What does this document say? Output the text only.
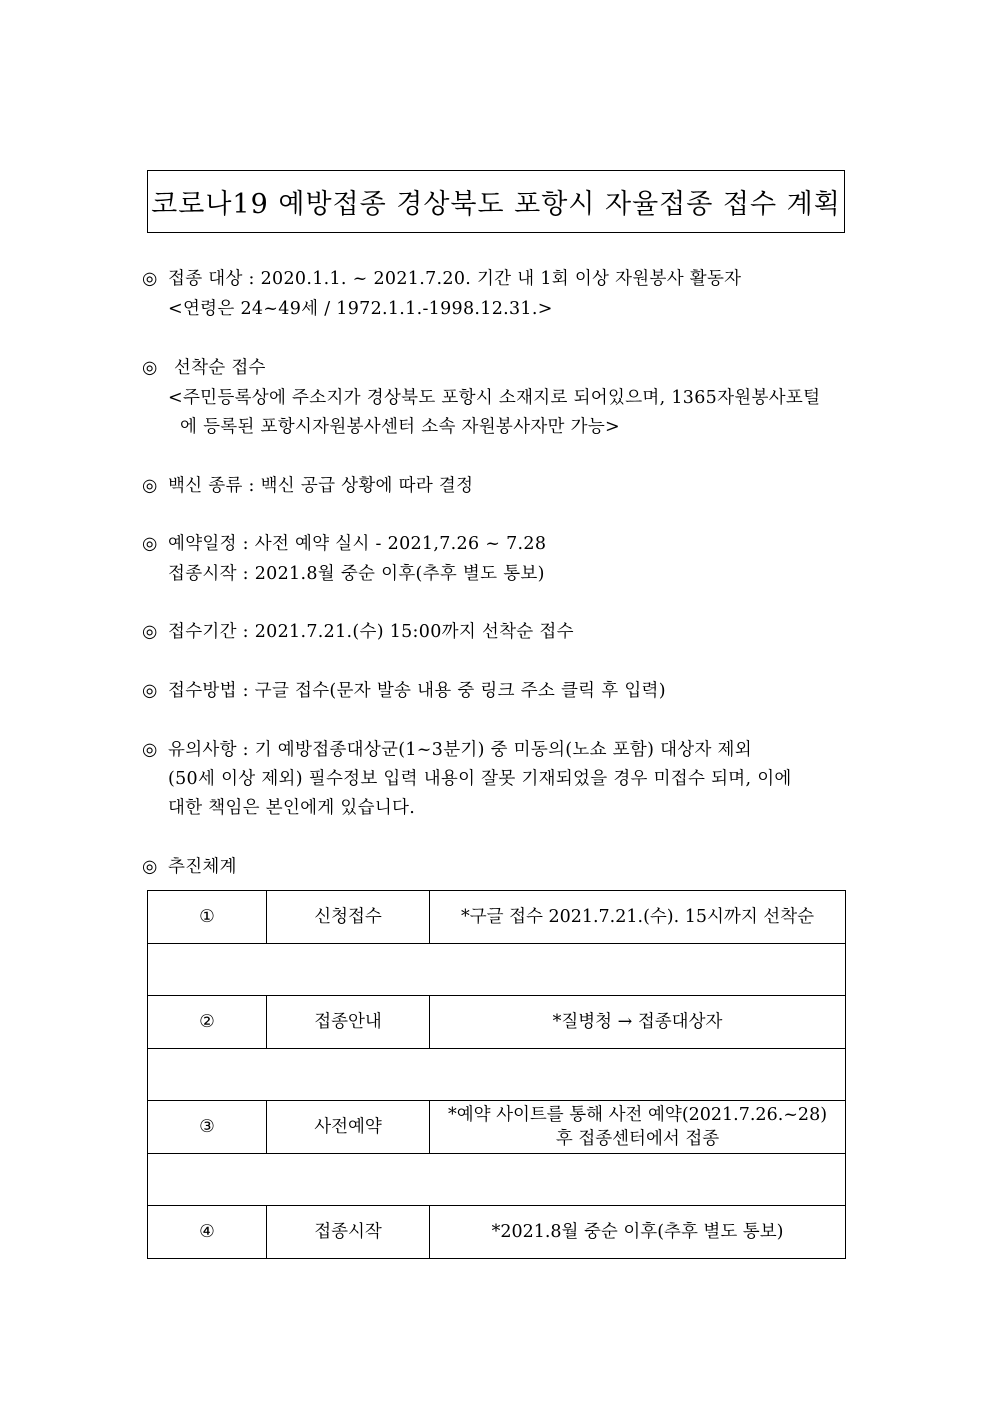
코로나19 예방접종 경상북도 포항시 자율접종 접수 계획
◎ 접종 대상 : 2020.1.1. ~ 2021.7.20. 기간 내 1회 이상 자원봉사 활동자
<연령은 24~49세 / 1972.1.1.-1998.12.31.>
◎ 선착순 접수
<주민등록상에 주소지가 경상북도 포항시 소재지로 되어있으며, 1365자원봉사포털
에 등록된 포항시자원봉사센터 소속 자원봉사자만 가능>
◎ 백신 종류 : 백신 공급 상황에 따라 결정
◎ 예약일정 : 사전 예약 실시 - 2021,7.26 ~ 7.28
접종시작 : 2021.8월 중순 이후(추후 별도 통보)
◎ 접수기간 : 2021.7.21.(수) 15:00까지 선착순 접수
◎ 접수방법 : 구글 접수(문자 발송 내용 중 링크 주소 클릭 후 입력)
◎ 유의사항 : 기 예방접종대상군(1~3분기) 중 미동의(노쇼 포함) 대상자 제외
(50세 이상 제외) 필수정보 입력 내용이 잘못 기재되었을 경우 미접수 되며, 이에
대한 책임은 본인에게 있습니다.
◎ 추진체계
①	신청접수	*구글 접수 2021.7.21.(수). 15시까지 선착순

②	접종안내	*질병청 → 접종대상자

③	사전예약	*예약 사이트를 통해 사전 예약(2021.7.26.~28)
후 접종센터에서 접종

④	접종시작	*2021.8월 중순 이후(추후 별도 통보)
